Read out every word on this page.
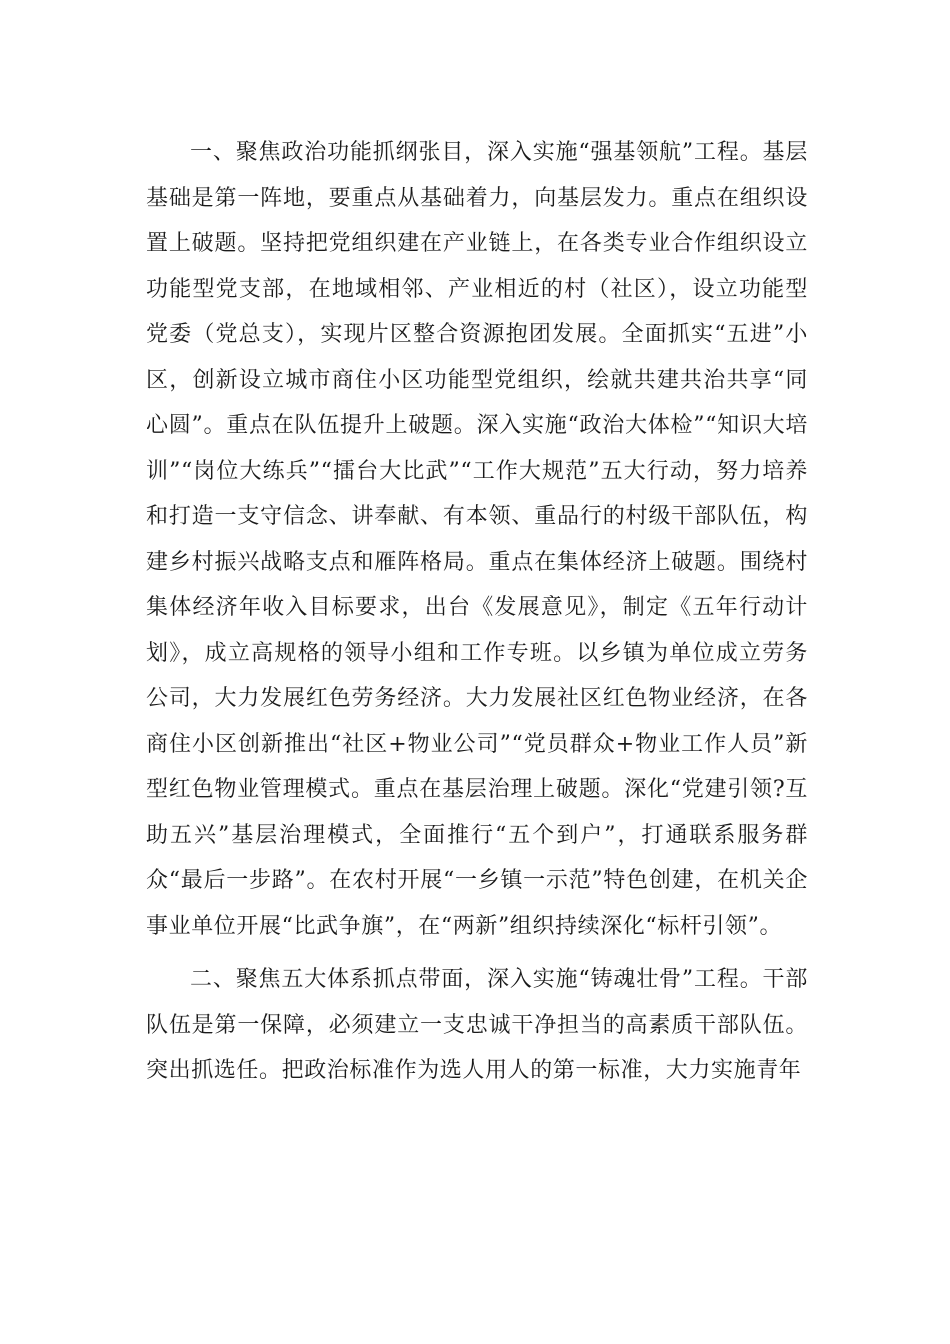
一、聚焦政治功能抓纲张目，深入实施“强基领航”工程。基层基础是第一阵地，要重点从基础着力，向基层发力。重点在组织设置上破题。坚持把党组织建在产业链上，在各类专业合作组织设立功能型党支部，在地域相邻、产业相近的村（社区），设立功能型党委（党总支），实现片区整合资源抱团发展。全面抓实“五进”小区，创新设立城市商住小区功能型党组织，绘就共建共治共享“同心圆”。重点在队伍提升上破题。深入实施“政治大体检”“知识大培训”“岗位大练兵”“擂台大比武”“工作大规范”五大行动，努力培养和打造一支守信念、讲奉献、有本领、重品行的村级干部队伍，构建乡村振兴战略支点和雁阵格局。重点在集体经济上破题。围绕村集体经济年收入目标要求，出台《发展意见》，制定《五年行动计划》，成立高规格的领导小组和工作专班。以乡镇为单位成立劳务公司，大力发展红色劳务经济。大力发展社区红色物业经济，在各商住小区创新推出“社区+物业公司”“党员群众+物业工作人员”新型红色物业管理模式。重点在基层治理上破题。深化“党建引领?互助五兴”基层治理模式，全面推行“五个到户”，打通联系服务群众“最后一步路”。在农村开展“一乡镇一示范”特色创建，在机关企事业单位开展“比武争旗”，在“两新”组织持续深化“标杆引领”。

二、聚焦五大体系抓点带面，深入实施“铸魂壮骨”工程。干部队伍是第一保障，必须建立一支忠诚干净担当的高素质干部队伍。突出抓选任。把政治标准作为选人用人的第一标准，大力实施青年
